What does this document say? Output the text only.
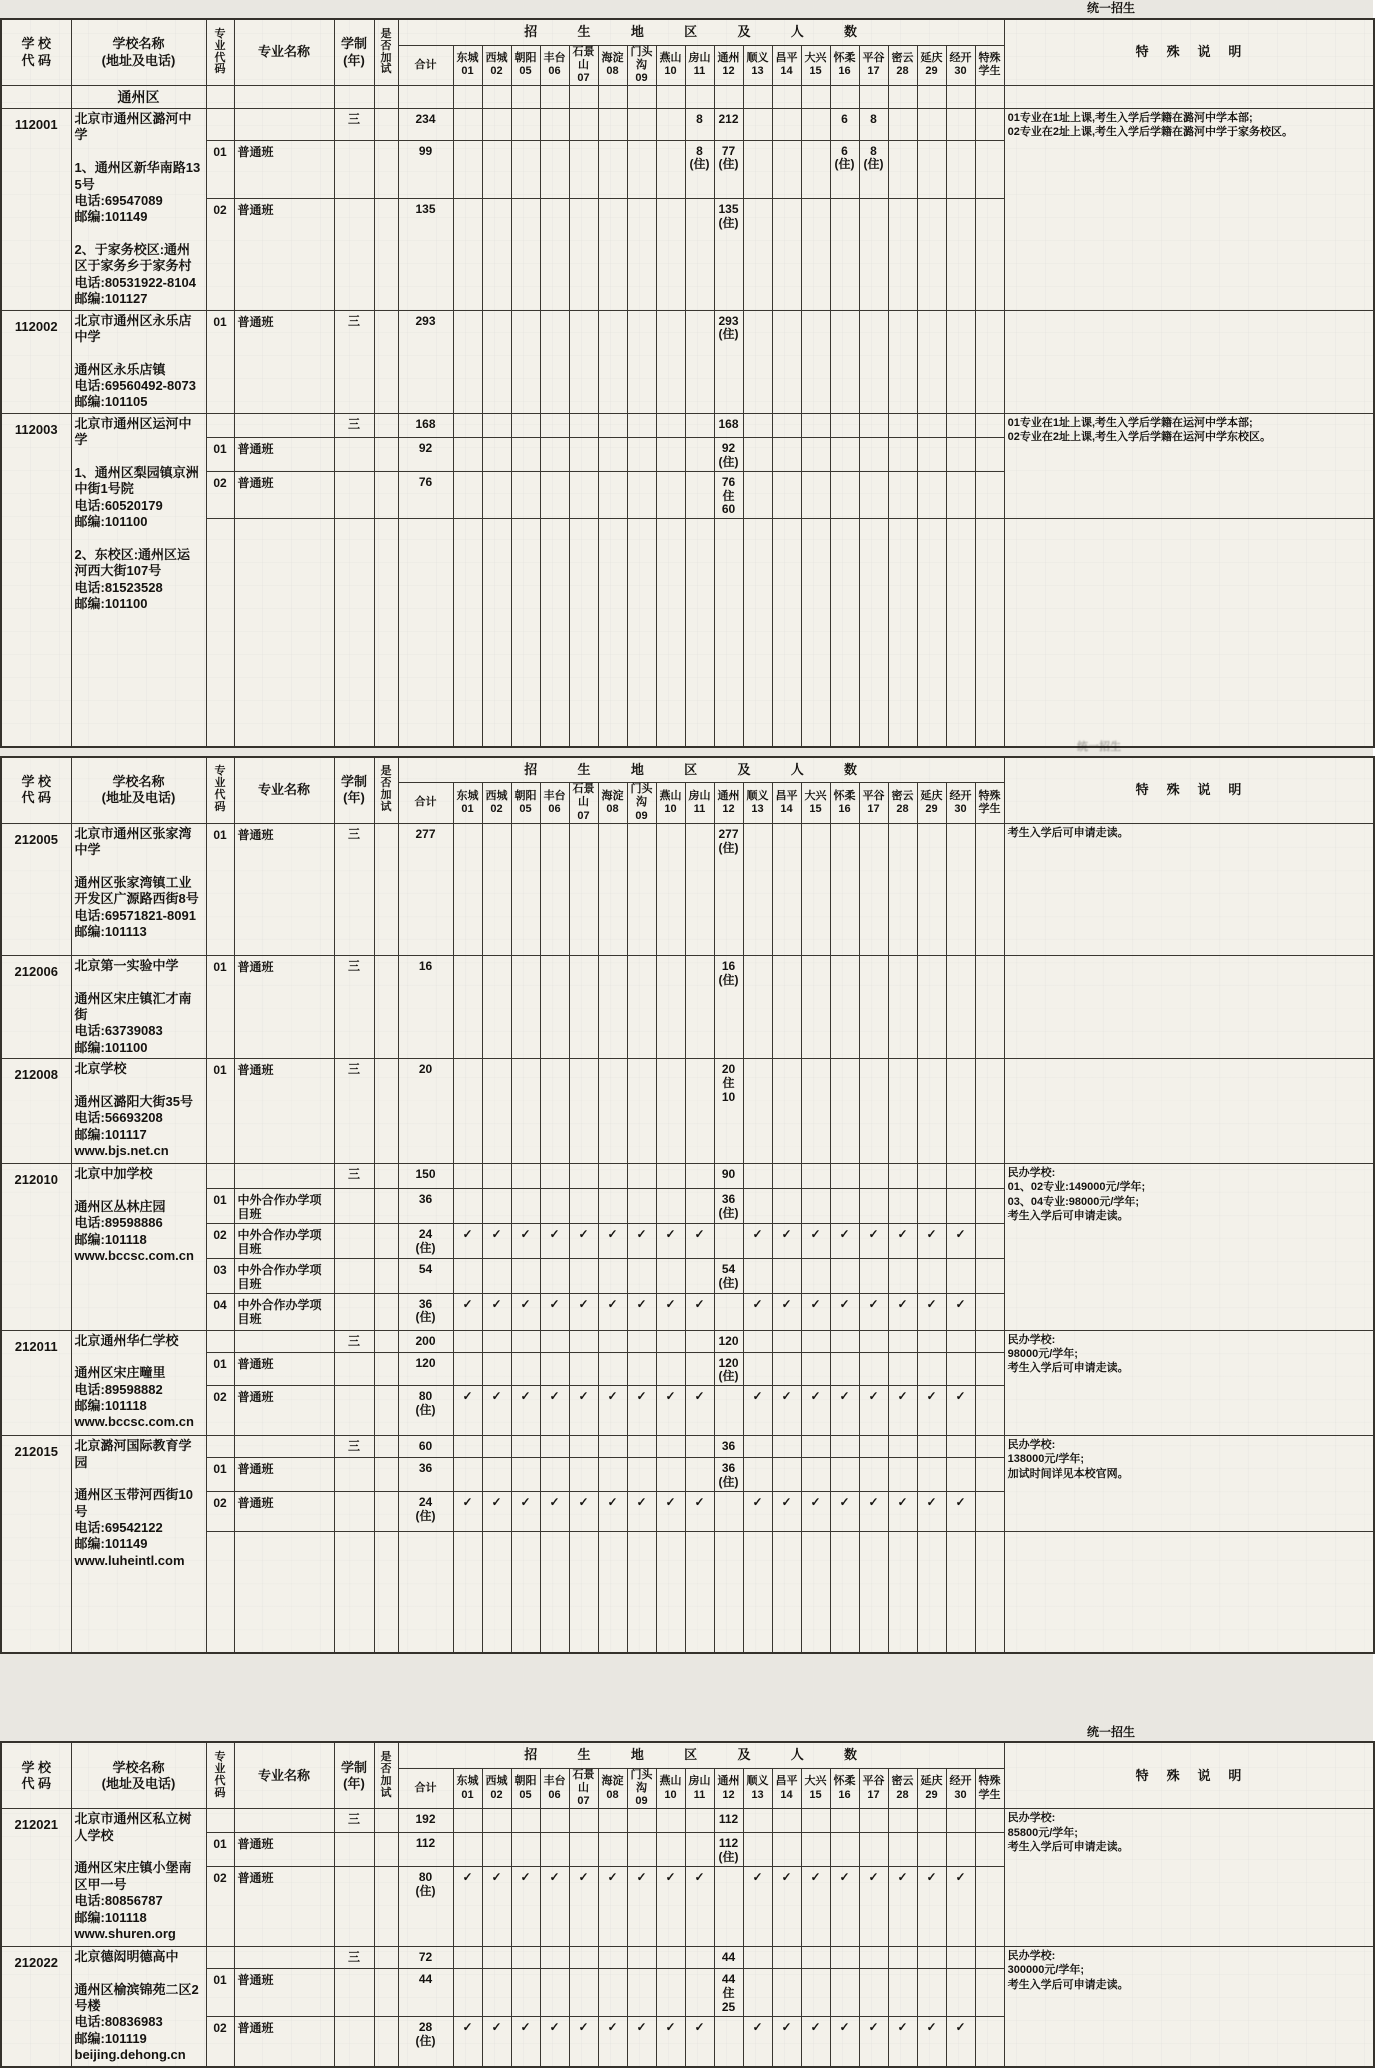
统一招生
学 校
代 码	学校名称
(地址及电话)	专
业
代
码	专业名称	学制
(年)	是
否
加
试	招生地区及人数																				特 殊 说 明
						合计	东城
01	西城
02	朝阳
05	丰台
06	石景山
07	海淀
08	门头沟
09	燕山
10	房山
11	通州
12	顺义
13	昌平
14	大兴
15	怀柔
16	平谷
17	密云
28	延庆
29	经开
30	特殊
学生	
	通州区																									
112001	北京市通州区潞河中学

1、通州区新华南路135号
电话:69547089
邮编:101149

2、于家务校区:通州区于家务乡于家务村
电话:80531922-8104
邮编:101127			三		234									8	212				6	8					01专业在1址上课,考生入学后学籍在潞河中学本部;
02专业在2址上课,考生入学后学籍在潞河中学于家务校区。
		01	普通班			99									8
(住)	77
(住)				6
(住)	8
(住)					
		02	普通班			135										135
(住)										
112002	北京市通州区永乐店中学

通州区永乐店镇
电话:69560492-8073
邮编:101105	01	普通班	三		293										293
(住)										
112003	北京市通州区运河中学

1、通州区梨园镇京洲中街1号院
电话:60520179
邮编:101100

2、东校区:通州区运河西大街107号
电话:81523528
邮编:101100			三		168										168										01专业在1址上课,考生入学后学籍在运河中学本部;
02专业在2址上课,考生入学后学籍在运河中学东校区。
		01	普通班			92										92
(住)										
		02	普通班			76										76
住60										

统一招生
学 校
代 码	学校名称
(地址及电话)	专
业
代
码	专业名称	学制
(年)	是
否
加
试	招生地区及人数																				特 殊 说 明
						合计	东城
01	西城
02	朝阳
05	丰台
06	石景山
07	海淀
08	门头沟
09	燕山
10	房山
11	通州
12	顺义
13	昌平
14	大兴
15	怀柔
16	平谷
17	密云
28	延庆
29	经开
30	特殊
学生	
212005	北京市通州区张家湾中学

通州区张家湾镇工业开发区广源路西街8号
电话:69571821-8091
邮编:101113	01	普通班	三		277										277
(住)										考生入学后可申请走读。
212006	北京第一实验中学

通州区宋庄镇汇才南街
电话:63739083
邮编:101100	01	普通班	三		16										16
(住)										
212008	北京学校

通州区潞阳大街35号
电话:56693208
邮编:101117
www.bjs.net.cn	01	普通班	三		20										20
住10										
212010	北京中加学校

通州区丛林庄园
电话:89598886
邮编:101118
www.bccsc.com.cn			三		150										90										民办学校:
01、02专业:149000元/学年;
03、04专业:98000元/学年;
考生入学后可申请走读。
		01	中外合作办学项目班			36										36
(住)										
		02	中外合作办学项目班			24
(住)	✓	✓	✓	✓	✓	✓	✓	✓	✓		✓	✓	✓	✓	✓	✓	✓	✓		
		03	中外合作办学项目班			54										54
(住)										
		04	中外合作办学项目班			36
(住)	✓	✓	✓	✓	✓	✓	✓	✓	✓		✓	✓	✓	✓	✓	✓	✓	✓		
212011	北京通州华仁学校

通州区宋庄疃里
电话:89598882
邮编:101118
www.bccsc.com.cn			三		200										120										民办学校:
98000元/学年;
考生入学后可申请走读。
		01	普通班			120										120
(住)										
		02	普通班			80
(住)	✓	✓	✓	✓	✓	✓	✓	✓	✓		✓	✓	✓	✓	✓	✓	✓	✓		
212015	北京潞河国际教育学园

通州区玉带河西街10号
电话:69542122
邮编:101149
www.luheintl.com			三		60										36										民办学校:
138000元/学年;
加试时间详见本校官网。
		01	普通班			36										36
(住)										
		02	普通班			24
(住)	✓	✓	✓	✓	✓	✓	✓	✓	✓		✓	✓	✓	✓	✓	✓	✓	✓		

统一招生
学 校
代 码	学校名称
(地址及电话)	专
业
代
码	专业名称	学制
(年)	是
否
加
试	招生地区及人数																				特 殊 说 明
						合计	东城
01	西城
02	朝阳
05	丰台
06	石景山
07	海淀
08	门头沟
09	燕山
10	房山
11	通州
12	顺义
13	昌平
14	大兴
15	怀柔
16	平谷
17	密云
28	延庆
29	经开
30	特殊
学生	
212021	北京市通州区私立树人学校

通州区宋庄镇小堡南区甲一号
电话:80856787
邮编:101118
www.shuren.org			三		192										112										民办学校:
85800元/学年;
考生入学后可申请走读。
		01	普通班			112										112
(住)										
		02	普通班			80
(住)	✓	✓	✓	✓	✓	✓	✓	✓	✓		✓	✓	✓	✓	✓	✓	✓	✓		
212022	北京德闳明德高中

通州区榆滨锦苑二区2号楼
电话:80836983
邮编:101119
beijing.dehong.cn			三		72										44										民办学校:
300000元/学年;
考生入学后可申请走读。
		01	普通班			44										44
住25										
		02	普通班			28
(住)	✓	✓	✓	✓	✓	✓	✓	✓	✓		✓	✓	✓	✓	✓	✓	✓	✓		
